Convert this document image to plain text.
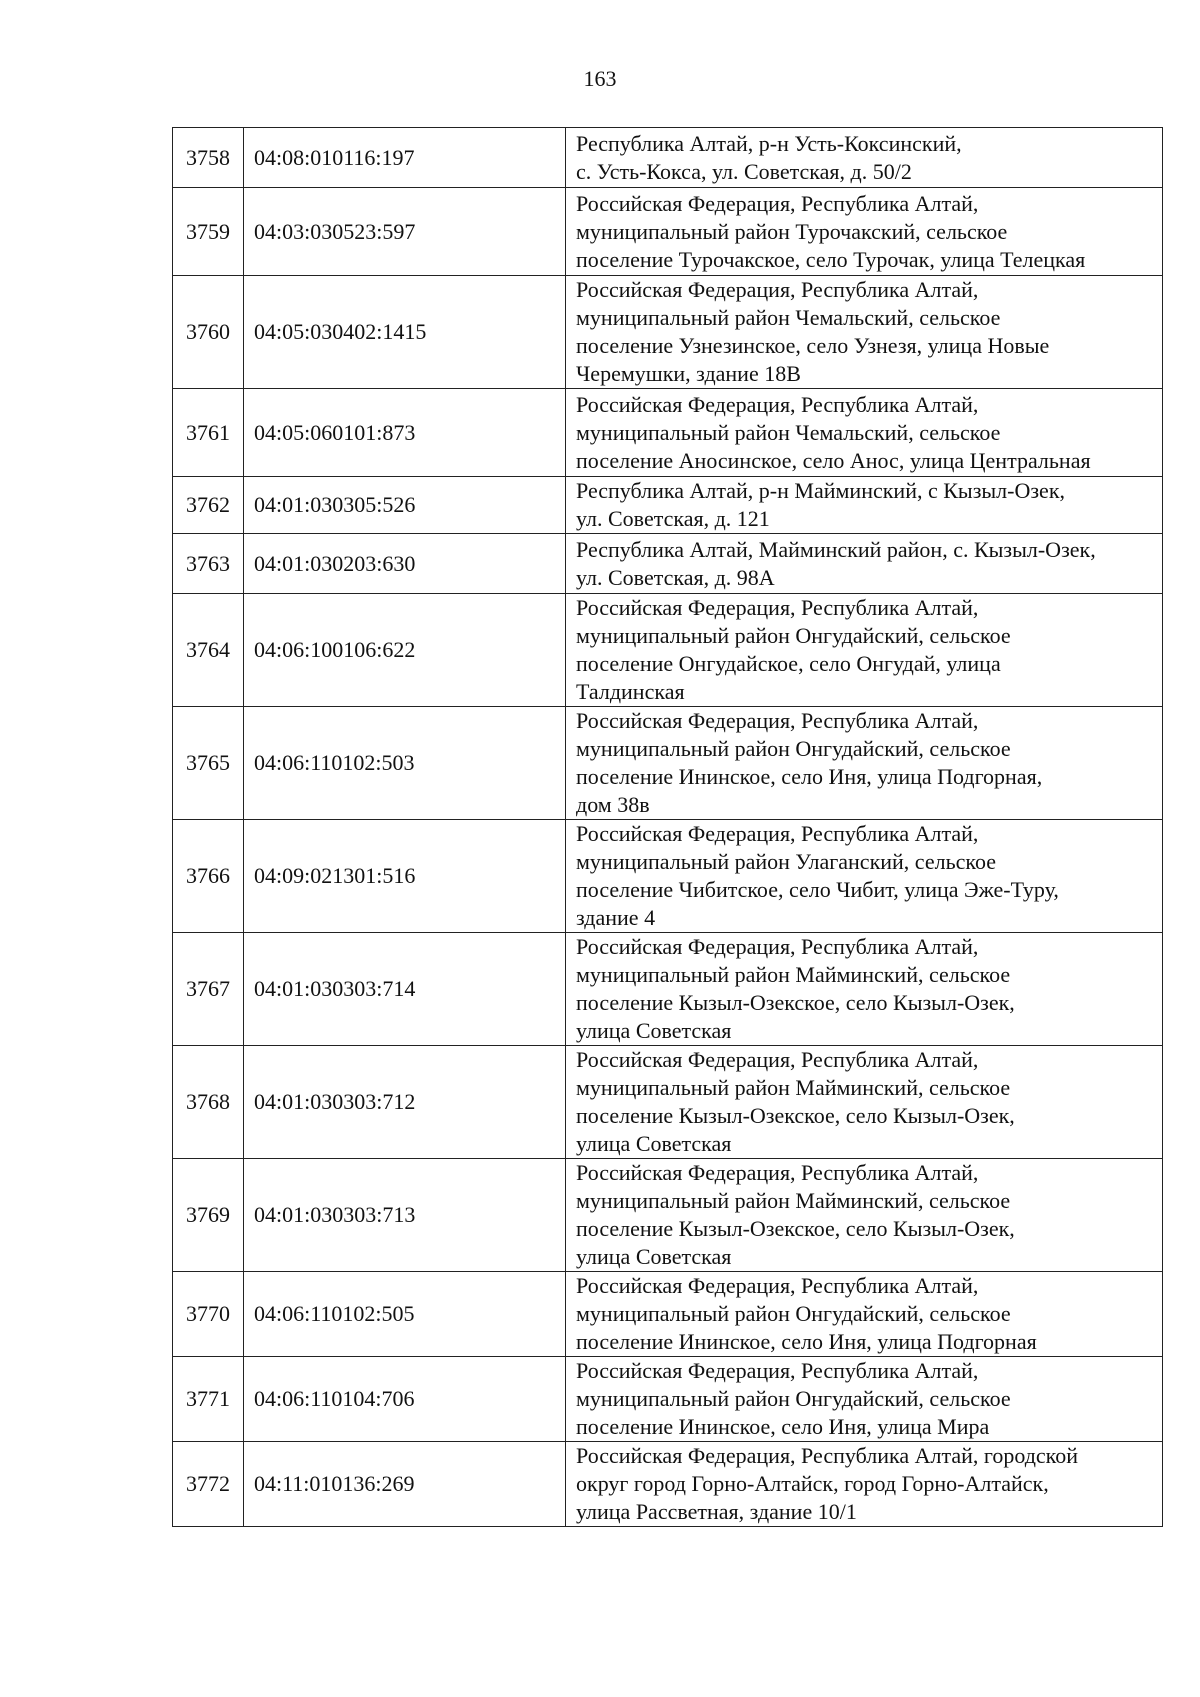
163
3758	04:08:010116:197	Республика Алтай, р-н Усть-Коксинский,
с. Усть-Кокса, ул. Советская, д. 50/2

3759	04:03:030523:597	Российская Федерация, Республика Алтай,
муниципальный район Турочакский, сельское
поселение Турочакское, село Турочак, улица Телецкая

3760	04:05:030402:1415	Российская Федерация, Республика Алтай,
муниципальный район Чемальский, сельское
поселение Узнезинское, село Узнезя, улица Новые
Черемушки, здание 18В

3761	04:05:060101:873	Российская Федерация, Республика Алтай,
муниципальный район Чемальский, сельское
поселение Аносинское, село Анос, улица Центральная

3762	04:01:030305:526	Республика Алтай, р-н Майминский, с Кызыл-Озек,
ул. Советская, д. 121

3763	04:01:030203:630	Республика Алтай, Майминский район, с. Кызыл-Озек,
ул. Советская, д. 98А

3764	04:06:100106:622	Российская Федерация, Республика Алтай,
муниципальный район Онгудайский, сельское
поселение Онгудайское, село Онгудай, улица
Талдинская

3765	04:06:110102:503	Российская Федерация, Республика Алтай,
муниципальный район Онгудайский, сельское
поселение Ининское, село Иня, улица Подгорная,
дом 38в

3766	04:09:021301:516	Российская Федерация, Республика Алтай,
муниципальный район Улаганский, сельское
поселение Чибитское, село Чибит, улица Эже-Туру,
здание 4

3767	04:01:030303:714	Российская Федерация, Республика Алтай,
муниципальный район Майминский, сельское
поселение Кызыл-Озекское, село Кызыл-Озек,
улица Советская

3768	04:01:030303:712	Российская Федерация, Республика Алтай,
муниципальный район Майминский, сельское
поселение Кызыл-Озекское, село Кызыл-Озек,
улица Советская

3769	04:01:030303:713	Российская Федерация, Республика Алтай,
муниципальный район Майминский, сельское
поселение Кызыл-Озекское, село Кызыл-Озек,
улица Советская

3770	04:06:110102:505	Российская Федерация, Республика Алтай,
муниципальный район Онгудайский, сельское
поселение Ининское, село Иня, улица Подгорная

3771	04:06:110104:706	Российская Федерация, Республика Алтай,
муниципальный район Онгудайский, сельское
поселение Ининское, село Иня, улица Мира

3772	04:11:010136:269	Российская Федерация, Республика Алтай, городской
округ город Горно-Алтайск, город Горно-Алтайск,
улица Рассветная, здание 10/1
